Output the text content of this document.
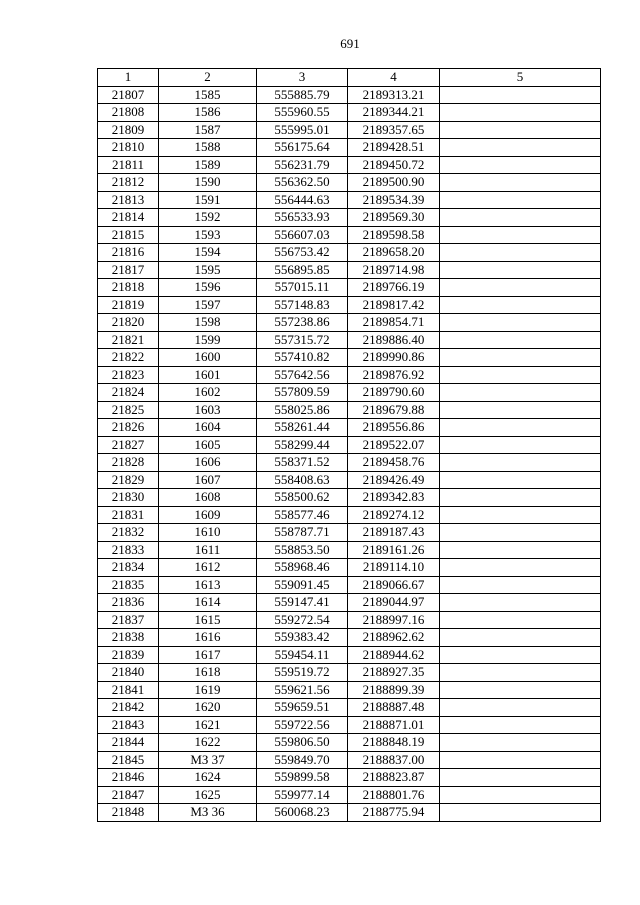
691
1	2	3	4	5
21807	1585	555885.79	2189313.21	
21808	1586	555960.55	2189344.21	
21809	1587	555995.01	2189357.65	
21810	1588	556175.64	2189428.51	
21811	1589	556231.79	2189450.72	
21812	1590	556362.50	2189500.90	
21813	1591	556444.63	2189534.39	
21814	1592	556533.93	2189569.30	
21815	1593	556607.03	2189598.58	
21816	1594	556753.42	2189658.20	
21817	1595	556895.85	2189714.98	
21818	1596	557015.11	2189766.19	
21819	1597	557148.83	2189817.42	
21820	1598	557238.86	2189854.71	
21821	1599	557315.72	2189886.40	
21822	1600	557410.82	2189990.86	
21823	1601	557642.56	2189876.92	
21824	1602	557809.59	2189790.60	
21825	1603	558025.86	2189679.88	
21826	1604	558261.44	2189556.86	
21827	1605	558299.44	2189522.07	
21828	1606	558371.52	2189458.76	
21829	1607	558408.63	2189426.49	
21830	1608	558500.62	2189342.83	
21831	1609	558577.46	2189274.12	
21832	1610	558787.71	2189187.43	
21833	1611	558853.50	2189161.26	
21834	1612	558968.46	2189114.10	
21835	1613	559091.45	2189066.67	
21836	1614	559147.41	2189044.97	
21837	1615	559272.54	2188997.16	
21838	1616	559383.42	2188962.62	
21839	1617	559454.11	2188944.62	
21840	1618	559519.72	2188927.35	
21841	1619	559621.56	2188899.39	
21842	1620	559659.51	2188887.48	
21843	1621	559722.56	2188871.01	
21844	1622	559806.50	2188848.19	
21845	МЗ 37	559849.70	2188837.00	
21846	1624	559899.58	2188823.87	
21847	1625	559977.14	2188801.76	
21848	МЗ 36	560068.23	2188775.94	
